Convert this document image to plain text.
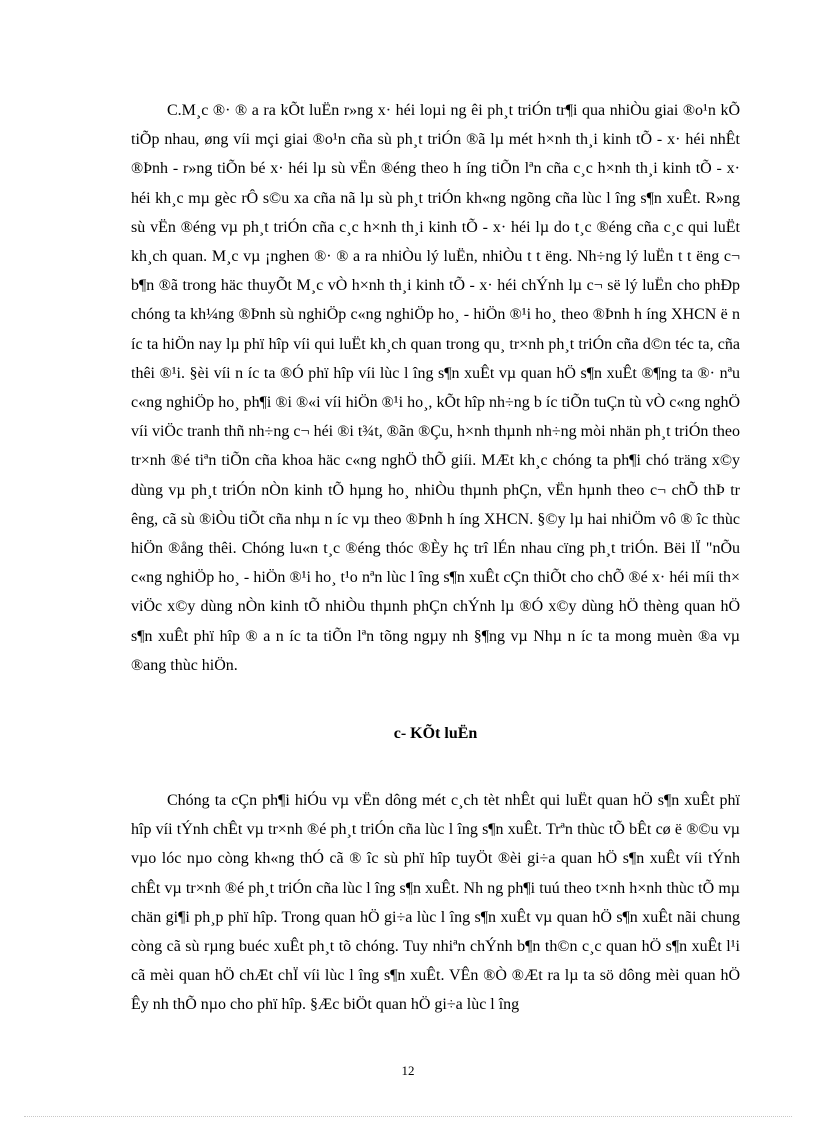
C.M¸c ®· ® a ra kÕt luËn r»ng x· héi loµi ng êi ph¸t triÓn tr¶i qua nhiÒu giai ®o¹n kÕ tiÕp nhau, øng víi mçi giai ®o¹n cña sù ph¸t triÓn ®ã lµ mét h×nh th¸i kinh tÕ - x· héi nhÊt ®Þnh - r»ng tiÕn bé x· héi lµ sù vËn ®éng theo h íng tiÕn lªn cña c¸c h×nh th¸i kinh tÕ - x· héi kh¸c mµ gèc rÔ s©u xa cña nã lµ sù ph¸t triÓn kh«ng ngõng cña lùc l îng s¶n xuÊt. R»ng sù vËn ®éng vµ ph¸t triÓn cña c¸c h×nh th¸i kinh tÕ - x· héi lµ do t¸c ®éng cña c¸c qui luËt kh¸ch quan. M¸c vµ ¡nghen ®· ® a ra nhiÒu lý luËn, nhiÒu t t ëng. Nh÷ng lý luËn t t ëng c¬ b¶n ®ã trong häc thuyÕt M¸c vÒ h×nh th¸i kinh tÕ - x· héi chÝnh lµ c¬ së lý luËn cho phÐp chóng ta kh¼ng ®Þnh sù nghiÖp c«ng nghiÖp ho¸ - hiÖn ®¹i ho¸ theo ®Þnh h íng XHCN ë n íc ta hiÖn nay lµ phï hîp víi qui luËt kh¸ch quan trong qu¸ tr×nh ph¸t triÓn cña d©n téc ta, cña thêi ®¹i. §èi víi n íc ta ®Ó phï hîp víi lùc l îng s¶n xuÊt vµ quan hÖ s¶n xuÊt ®¶ng ta ®· nªu c«ng nghiÖp ho¸ ph¶i ®i ®«i víi hiÖn ®¹i ho¸, kÕt hîp nh÷ng b íc tiÕn tuÇn tù vÒ c«ng nghÖ víi viÖc tranh thñ nh÷ng c¬ héi ®i t¾t, ®ãn ®Çu, h×nh thµnh nh÷ng mòi nhän ph¸t triÓn theo tr×nh ®é tiªn tiÕn cña khoa häc c«ng nghÖ thÕ giíi. MÆt kh¸c chóng ta ph¶i chó träng x©y dùng vµ ph¸t triÓn nÒn kinh tÕ hµng ho¸ nhiÒu thµnh phÇn, vËn hµnh theo c¬ chÕ thÞ tr êng, cã sù ®iÒu tiÕt cña nhµ n íc vµ theo ®Þnh h íng XHCN. §©y lµ hai nhiÖm vô ® îc thùc hiÖn ®ång thêi. Chóng lu«n t¸c ®éng thóc ®Èy hç trî lÉn nhau cïng ph¸t triÓn. Bëi lÏ "nÕu c«ng nghiÖp ho¸ - hiÖn ®¹i ho¸ t¹o nªn lùc l îng s¶n xuÊt cÇn thiÕt cho chÕ ®é x· héi míi th× viÖc x©y dùng nÒn kinh tÕ nhiÒu thµnh phÇn chÝnh lµ ®Ó x©y dùng hÖ thèng quan hÖ s¶n xuÊt phï hîp ® a n íc ta tiÕn lªn tõng ngµy nh §¶ng vµ Nhµ n íc ta mong muèn ®a vµ ®ang thùc hiÖn.

c- KÕt luËn

Chóng ta cÇn ph¶i hiÓu vµ vËn dông mét c¸ch tèt nhÊt qui luËt quan hÖ s¶n xuÊt phï hîp víi tÝnh chÊt vµ tr×nh ®é ph¸t triÓn cña lùc l îng s¶n xuÊt. Trªn thùc tÕ bÊt cø ë ®©u vµ vµo lóc nµo còng kh«ng thÓ cã ® îc sù phï hîp tuyÖt ®èi gi÷a quan hÖ s¶n xuÊt víi tÝnh chÊt vµ tr×nh ®é ph¸t triÓn cña lùc l îng s¶n xuÊt. Nh ng ph¶i tuú theo t×nh h×nh thùc tÕ mµ chän gi¶i ph¸p phï hîp. Trong quan hÖ gi÷a lùc l îng s¶n xuÊt vµ quan hÖ s¶n xuÊt nãi chung còng cã sù rµng buéc xuÊt ph¸t tõ chóng. Tuy nhiªn chÝnh b¶n th©n c¸c quan hÖ s¶n xuÊt l¹i cã mèi quan hÖ chÆt chÏ víi lùc l îng s¶n xuÊt. VÊn ®Ò ®Æt ra lµ ta sö dông mèi quan hÖ Êy nh thÕ nµo cho phï hîp. §Æc biÖt quan hÖ gi÷a lùc l îng

12
